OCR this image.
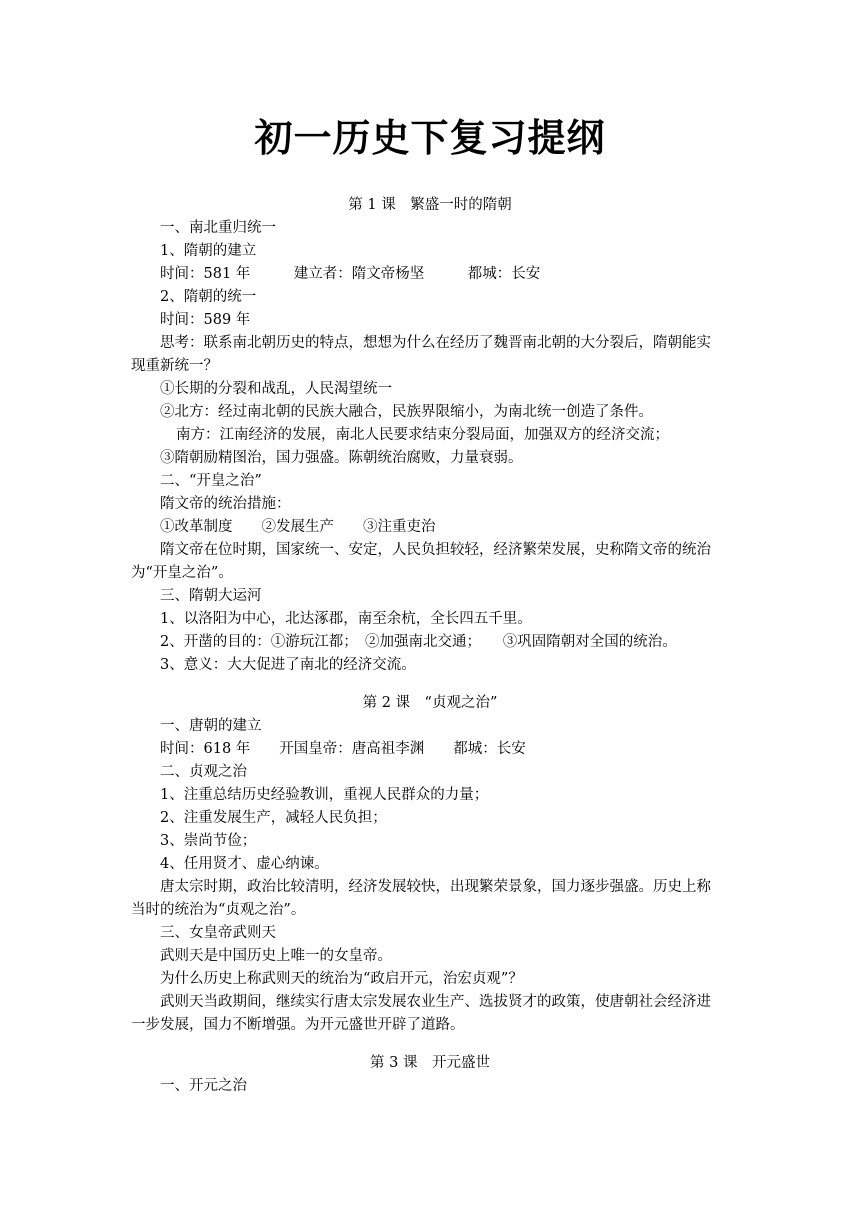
初一历史下复习提纲
第 1 课　繁盛一时的隋朝
一、南北重归统一
1、隋朝的建立
时间：581 年　　　建立者：隋文帝杨坚　　　都城：长安
2、隋朝的统一
时间：589 年
思考：联系南北朝历史的特点，想想为什么在经历了魏晋南北朝的大分裂后，隋朝能实
现重新统一？
①长期的分裂和战乱，人民渴望统一
②北方：经过南北朝的民族大融合，民族界限缩小，为南北统一创造了条件。
南方：江南经济的发展，南北人民要求结束分裂局面，加强双方的经济交流；
③隋朝励精图治，国力强盛。陈朝统治腐败，力量衰弱。
二、“开皇之治”
隋文帝的统治措施：
①改革制度　　②发展生产　　③注重吏治
隋文帝在位时期，国家统一、安定，人民负担较轻，经济繁荣发展，史称隋文帝的统治
为“开皇之治”。
三、隋朝大运河
1、以洛阳为中心，北达涿郡，南至余杭，全长四五千里。
2、开凿的目的：①游玩江都；　②加强南北交通；　　③巩固隋朝对全国的统治。
3、意义：大大促进了南北的经济交流。
第 2 课　“贞观之治”
一、唐朝的建立
时间：618 年　　开国皇帝：唐高祖李渊　　都城：长安
二、贞观之治
1、注重总结历史经验教训，重视人民群众的力量；
2、注重发展生产，减轻人民负担；
3、崇尚节俭；
4、任用贤才、虚心纳谏。
唐太宗时期，政治比较清明，经济发展较快，出现繁荣景象，国力逐步强盛。历史上称
当时的统治为“贞观之治”。
三、女皇帝武则天
武则天是中国历史上唯一的女皇帝。
为什么历史上称武则天的统治为“政启开元，治宏贞观”？
武则天当政期间，继续实行唐太宗发展农业生产、选拔贤才的政策，使唐朝社会经济进
一步发展，国力不断增强。为开元盛世开辟了道路。
第 3 课　开元盛世
一、开元之治
